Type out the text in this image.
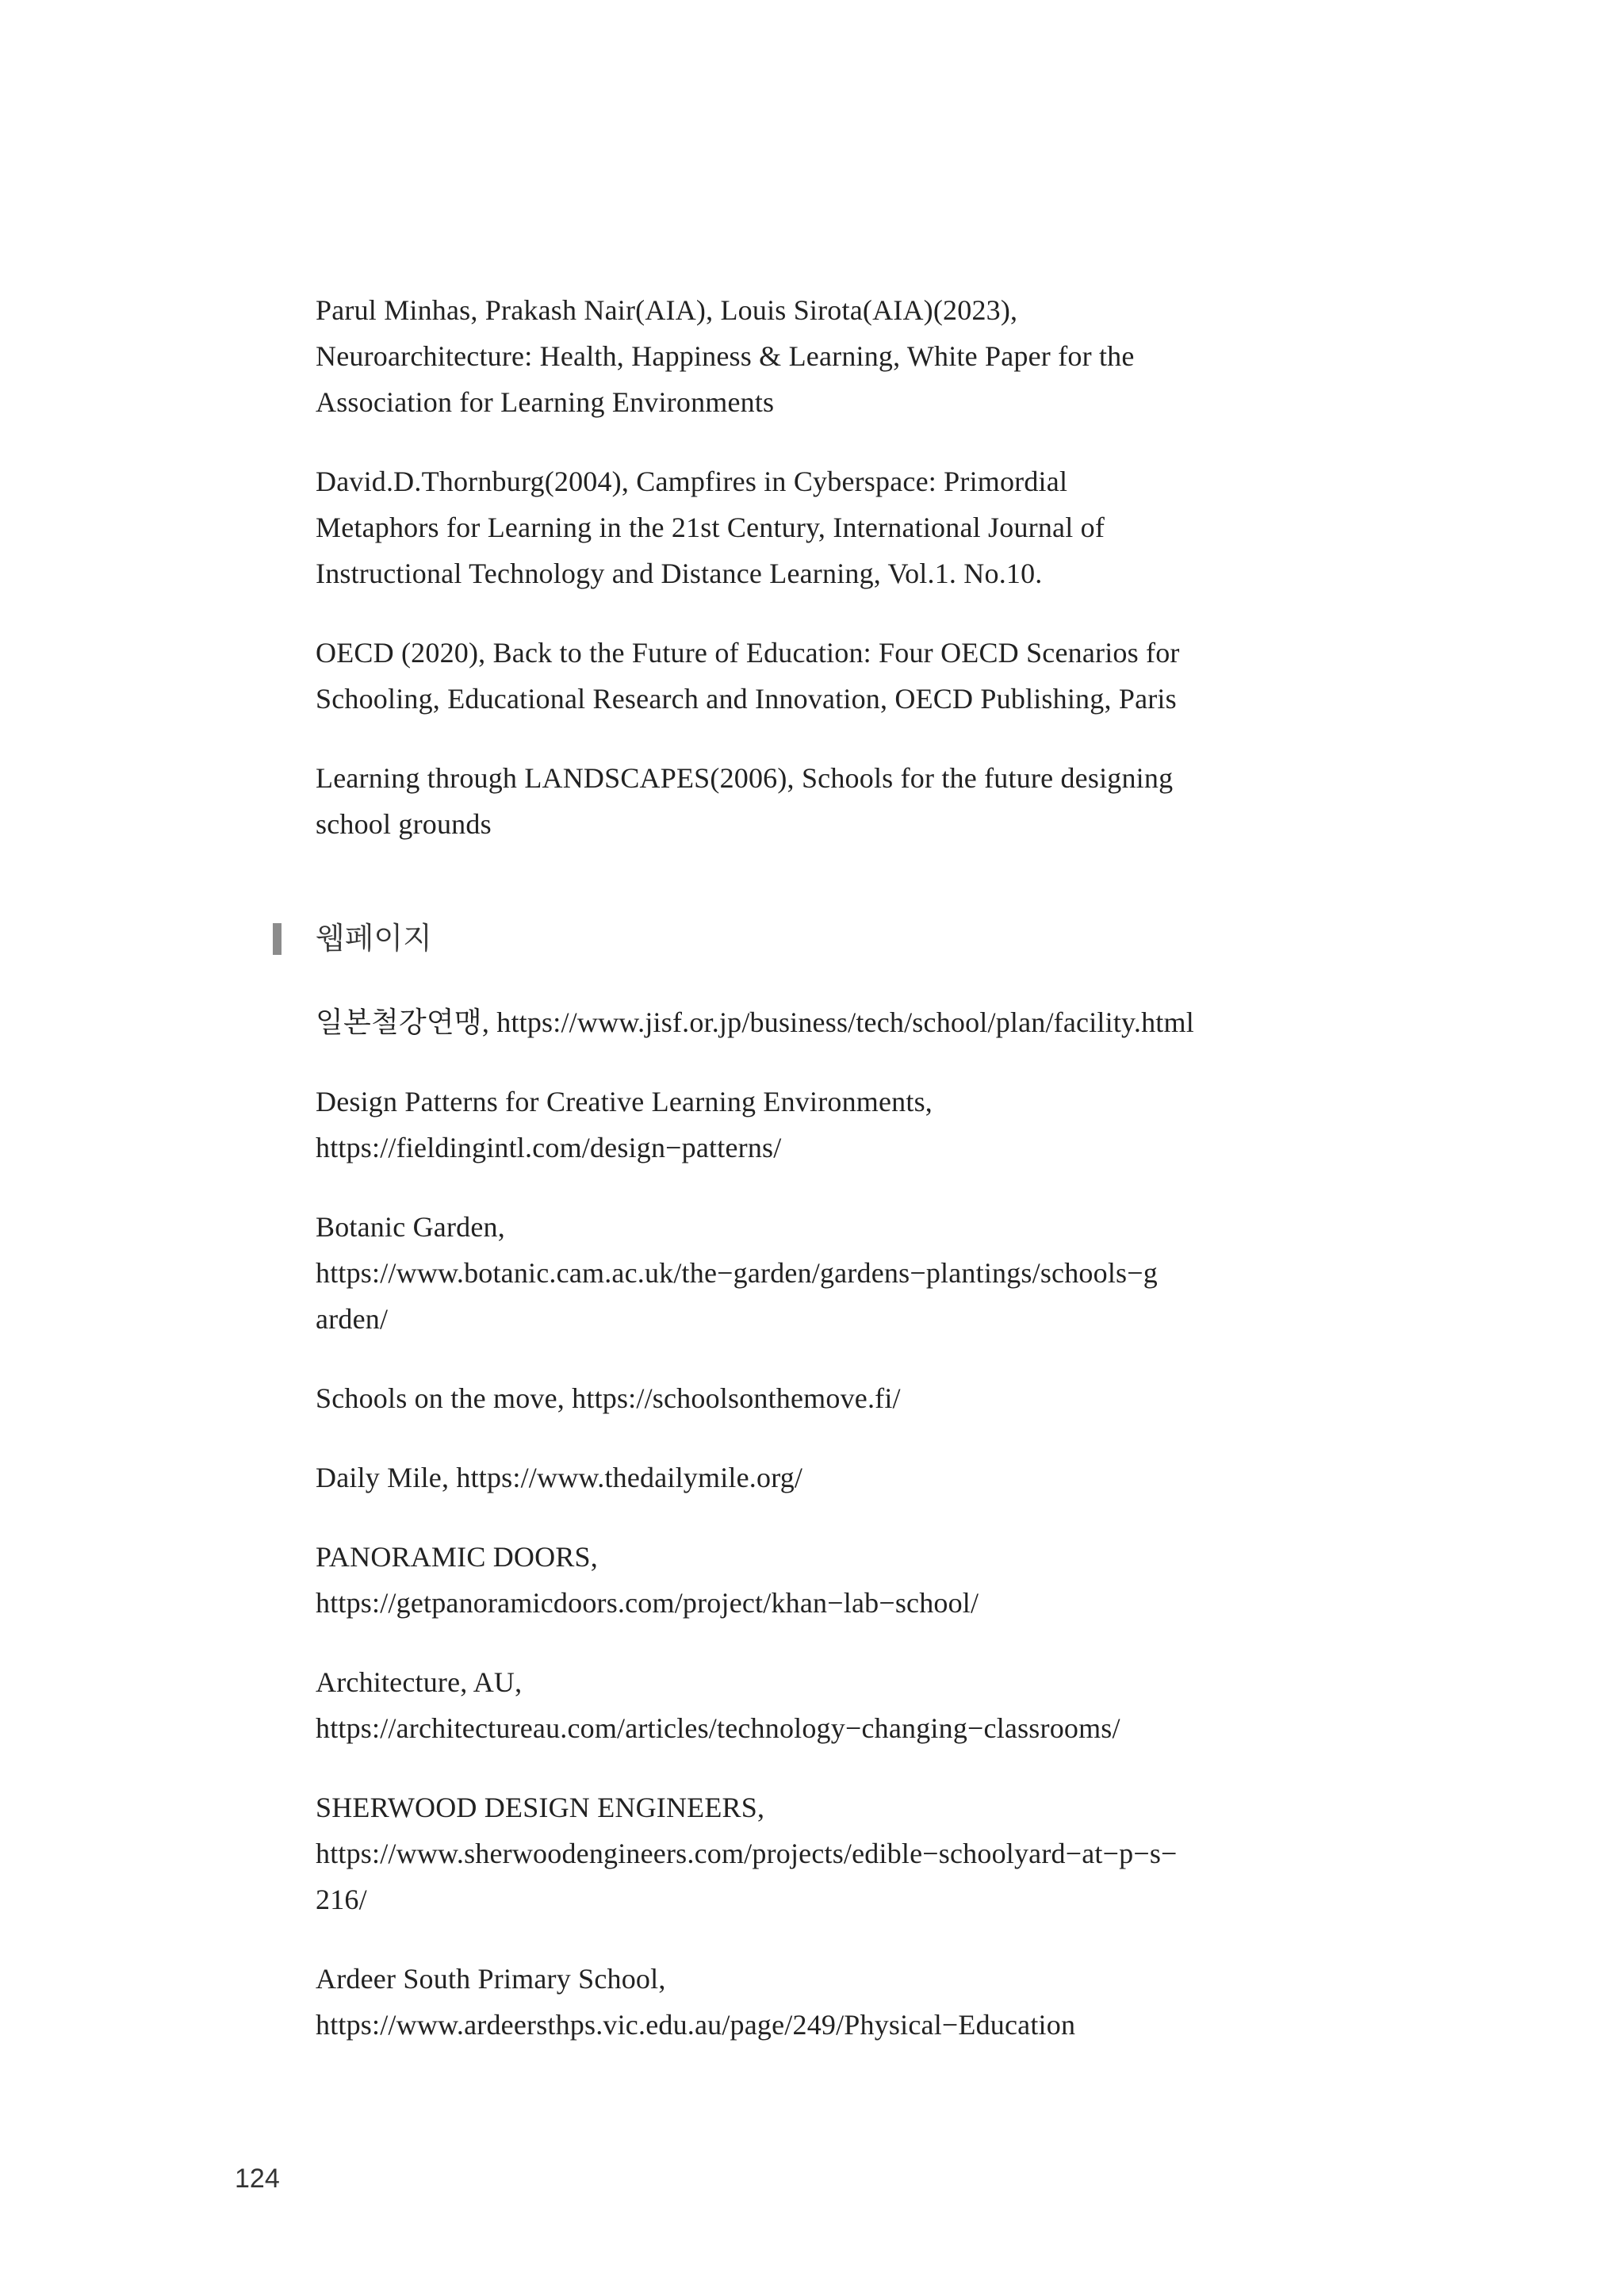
Parul Minhas, Prakash Nair(AIA), Louis Sirota(AIA)(2023),
Neuroarchitecture: Health, Happiness & Learning, White Paper for the
Association for Learning Environments
David.D.Thornburg(2004), Campfires in Cyberspace: Primordial
Metaphors for Learning in the 21st Century, International Journal of
Instructional Technology and Distance Learning, Vol.1. No.10.
OECD (2020), Back to the Future of Education: Four OECD Scenarios for
Schooling, Educational Research and Innovation, OECD Publishing, Paris
Learning through LANDSCAPES(2006), Schools for the future designing
school grounds
웹페이지
일본철강연맹, https://www.jisf.or.jp/business/tech/school/plan/facility.html
Design Patterns for Creative Learning Environments,
https://fieldingintl.com/design−patterns/
Botanic Garden,
https://www.botanic.cam.ac.uk/the−garden/gardens−plantings/schools−g
arden/
Schools on the move, https://schoolsonthemove.fi/
Daily Mile, https://www.thedailymile.org/
PANORAMIC DOORS,
https://getpanoramicdoors.com/project/khan−lab−school/
Architecture, AU,
https://architectureau.com/articles/technology−changing−classrooms/
SHERWOOD DESIGN ENGINEERS,
https://www.sherwoodengineers.com/projects/edible−schoolyard−at−p−s−
216/
Ardeer South Primary School,
https://www.ardeersthps.vic.edu.au/page/249/Physical−Education
124
